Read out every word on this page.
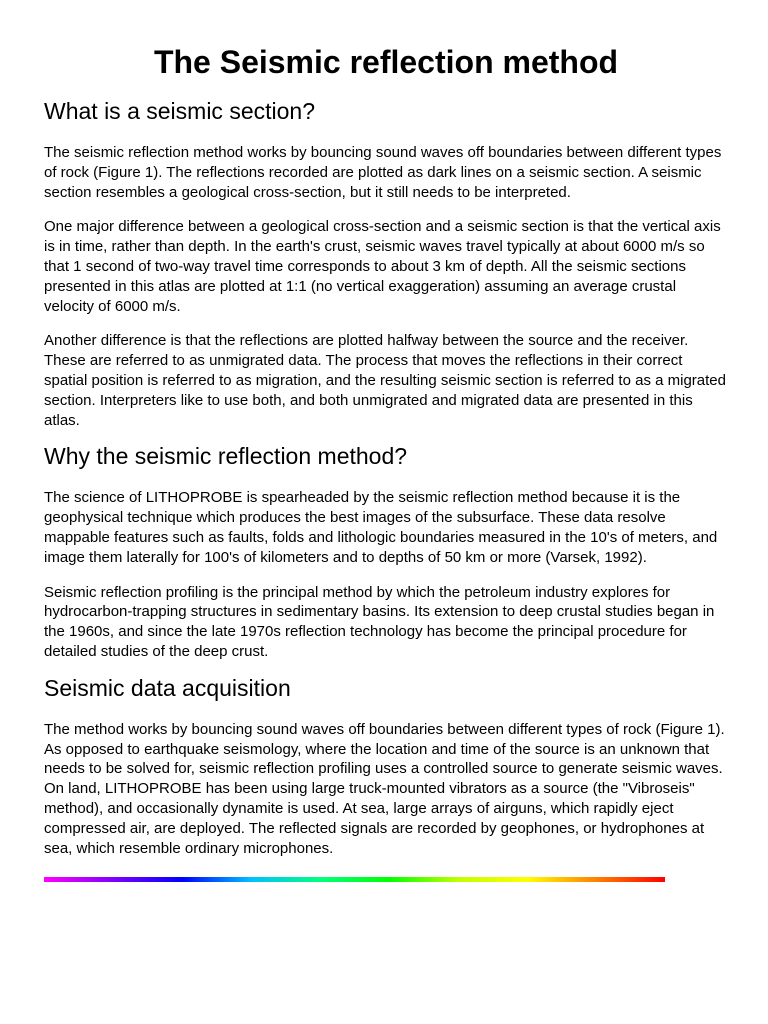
The Seismic reflection method
What is a seismic section?

The seismic reflection method works by bouncing sound waves off boundaries between different types of rock (Figure 1). The reflections recorded are plotted as dark lines on a seismic section. A seismic section resembles a geological cross-section, but it still needs to be interpreted.

One major difference between a geological cross-section and a seismic section is that the vertical axis is in time, rather than depth. In the earth's crust, seismic waves travel typically at about 6000 m/s so that 1 second of two-way travel time corresponds to about 3 km of depth. All the seismic sections presented in this atlas are plotted at 1:1 (no vertical exaggeration) assuming an average crustal velocity of 6000 m/s.

Another difference is that the reflections are plotted halfway between the source and the receiver. These are referred to as unmigrated data. The process that moves the reflections in their correct spatial position is referred to as migration, and the resulting seismic section is referred to as a migrated section. Interpreters like to use both, and both unmigrated and migrated data are presented in this atlas.

Why the seismic reflection method?

The science of LITHOPROBE is spearheaded by the seismic reflection method because it is the geophysical technique which produces the best images of the subsurface. These data resolve mappable features such as faults, folds and lithologic boundaries measured in the 10's of meters, and image them laterally for 100's of kilometers and to depths of 50 km or more (Varsek, 1992).

Seismic reflection profiling is the principal method by which the petroleum industry explores for hydrocarbon-trapping structures in sedimentary basins. Its extension to deep crustal studies began in the 1960s, and since the late 1970s reflection technology has become the principal procedure for detailed studies of the deep crust.

Seismic data acquisition

The method works by bouncing sound waves off boundaries between different types of rock (Figure 1). As opposed to earthquake seismology, where the location and time of the source is an unknown that needs to be solved for, seismic reflection profiling uses a controlled source to generate seismic waves. On land, LITHOPROBE has been using large truck-mounted vibrators as a source (the "Vibroseis" method), and occasionally dynamite is used. At sea, large arrays of airguns, which rapidly eject compressed air, are deployed. The reflected signals are recorded by geophones, or hydrophones at sea, which resemble ordinary microphones.
